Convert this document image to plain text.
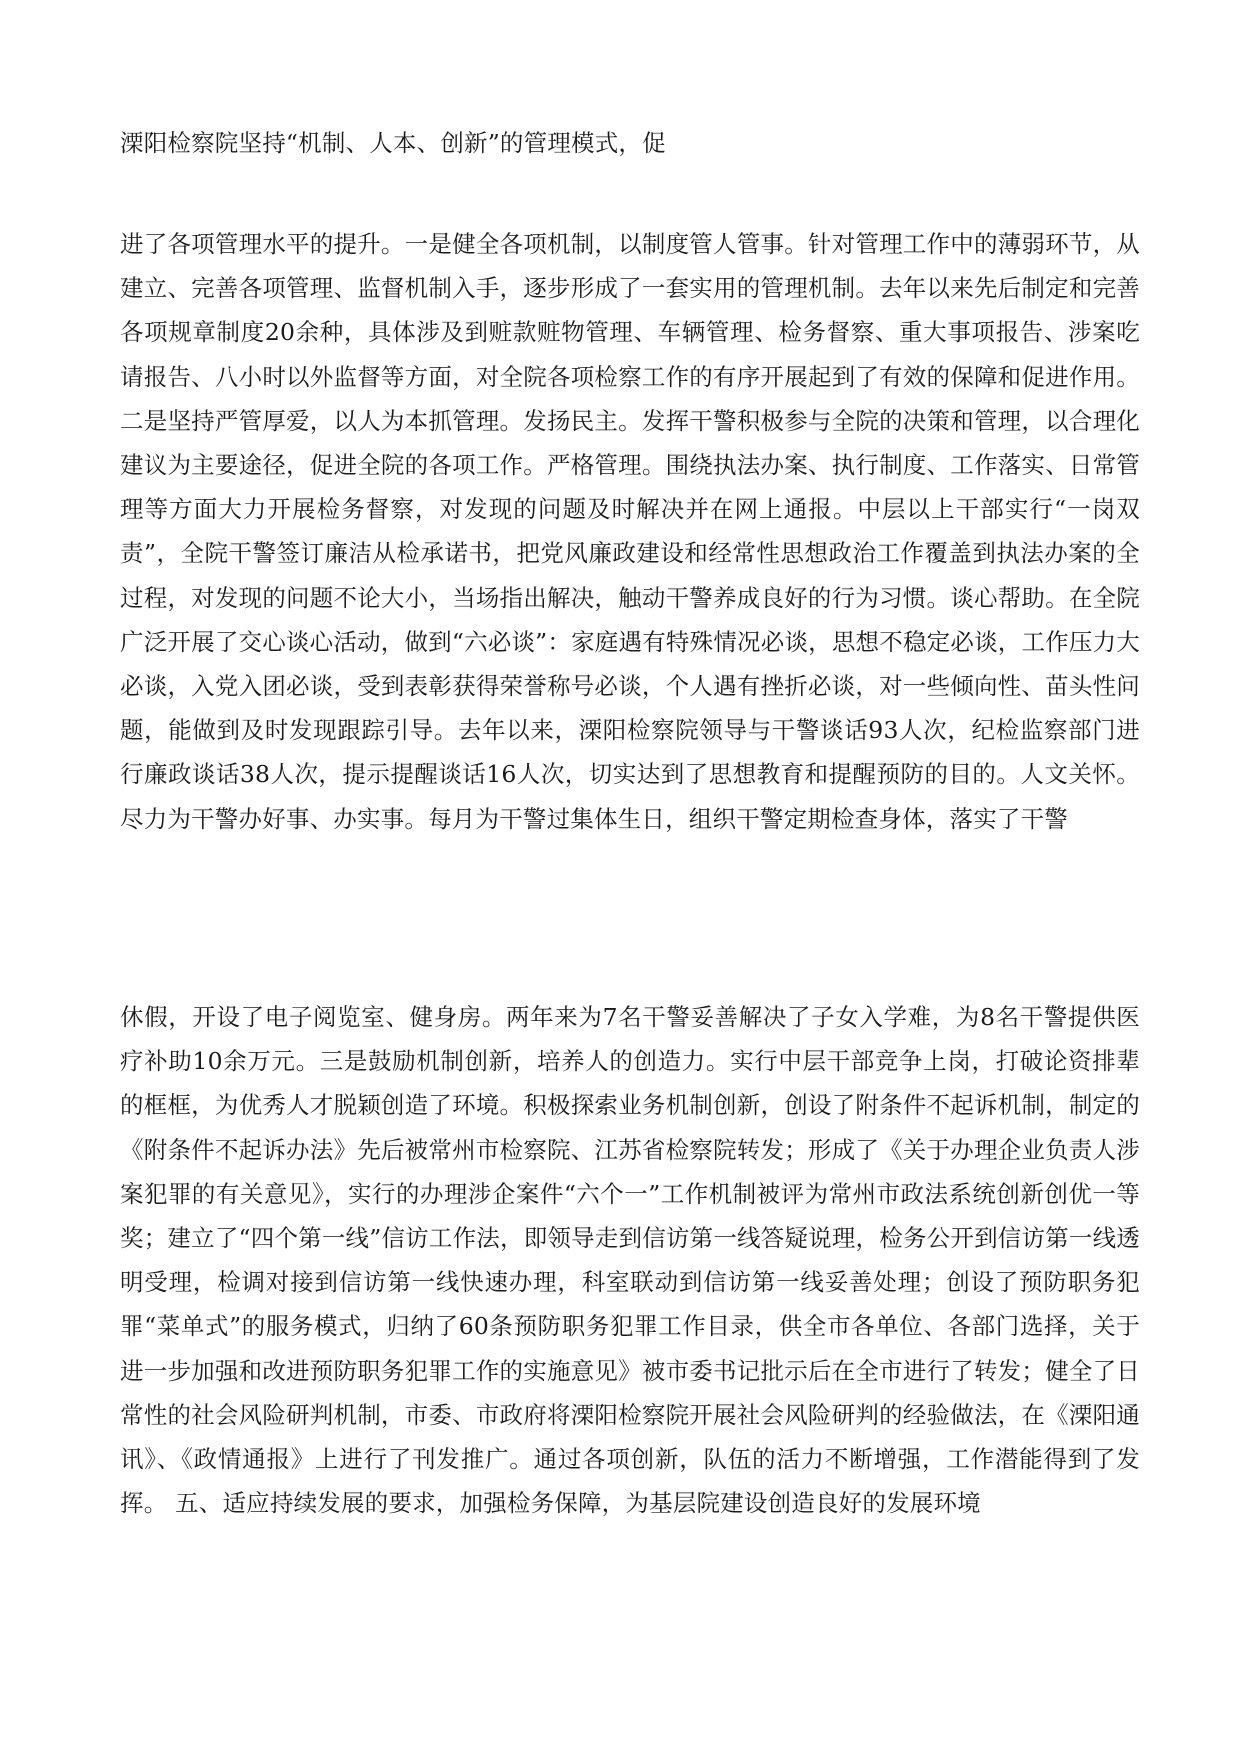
溧阳检察院坚持“机制、人本、创新”的管理模式，促

进了各项管理水平的提升。一是健全各项机制，以制度管人管事。针对管理工作中的薄弱环节，从建立、完善各项管理、监督机制入手，逐步形成了一套实用的管理机制。去年以来先后制定和完善各项规章制度20余种，具体涉及到赃款赃物管理、车辆管理、检务督察、重大事项报告、涉案吃请报告、八小时以外监督等方面，对全院各项检察工作的有序开展起到了有效的保障和促进作用。二是坚持严管厚爱，以人为本抓管理。发扬民主。发挥干警积极参与全院的决策和管理，以合理化建议为主要途径，促进全院的各项工作。严格管理。围绕执法办案、执行制度、工作落实、日常管理等方面大力开展检务督察，对发现的问题及时解决并在网上通报。中层以上干部实行“一岗双责”，全院干警签订廉洁从检承诺书，把党风廉政建设和经常性思想政治工作覆盖到执法办案的全过程，对发现的问题不论大小，当场指出解决，触动干警养成良好的行为习惯。谈心帮助。在全院广泛开展了交心谈心活动，做到“六必谈”：家庭遇有特殊情况必谈，思想不稳定必谈，工作压力大必谈，入党入团必谈，受到表彰获得荣誉称号必谈，个人遇有挫折必谈，对一些倾向性、苗头性问题，能做到及时发现跟踪引导。去年以来，溧阳检察院领导与干警谈话93人次，纪检监察部门进行廉政谈话38人次，提示提醒谈话16人次，切实达到了思想教育和提醒预防的目的。人文关怀。尽力为干警办好事、办实事。每月为干警过集体生日，组织干警定期检查身体，落实了干警

休假，开设了电子阅览室、健身房。两年来为7名干警妥善解决了子女入学难，为8名干警提供医疗补助10余万元。三是鼓励机制创新，培养人的创造力。实行中层干部竞争上岗，打破论资排辈的框框，为优秀人才脱颖创造了环境。积极探索业务机制创新，创设了附条件不起诉机制，制定的《附条件不起诉办法》先后被常州市检察院、江苏省检察院转发；形成了《关于办理企业负责人涉案犯罪的有关意见》，实行的办理涉企案件“六个一”工作机制被评为常州市政法系统创新创优一等奖；建立了“四个第一线”信访工作法，即领导走到信访第一线答疑说理，检务公开到信访第一线透明受理，检调对接到信访第一线快速办理，科室联动到信访第一线妥善处理；创设了预防职务犯罪“菜单式”的服务模式，归纳了60条预防职务犯罪工作目录，供全市各单位、各部门选择，关于进一步加强和改进预防职务犯罪工作的实施意见》被市委书记批示后在全市进行了转发；健全了日常性的社会风险研判机制，市委、市政府将溧阳检察院开展社会风险研判的经验做法，在《溧阳通讯》、《政情通报》上进行了刊发推广。通过各项创新，队伍的活力不断增强，工作潜能得到了发挥。 五、适应持续发展的要求，加强检务保障，为基层院建设创造良好的发展环境
